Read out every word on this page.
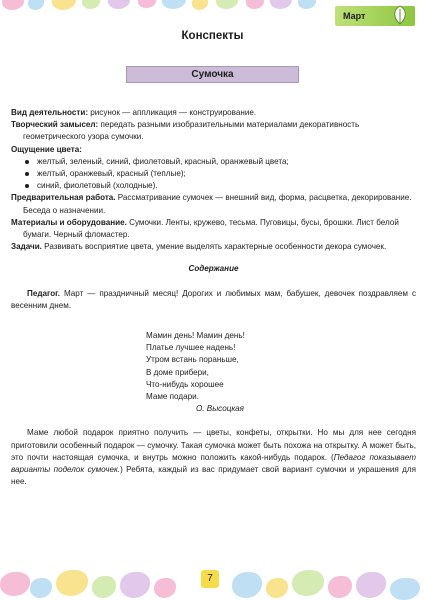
Март
Конспекты
Сумочка

Вид деятельности: рисунок — аппликация — конструирование.

Творческий замысел: передать разными изобразительными материалами декоративность геометрического узора сумочки.

Ощущение цвета:

желтый, зеленый, синий, фиолетовый, красный, оранжевый цвета;
желтый, оранжевый, красный (теплые);
синий, фиолетовый (холодные).

Предварительная работа. Рассматривание сумочек — внешний вид, форма, расцветка, декорирование. Беседа о назначении.

Материалы и оборудование. Сумочки. Ленты, кружево, тесьма. Пуговицы, бусы, брошки. Лист белой бумаги. Черный фломастер.

Задачи. Развивать восприятие цвета, умение выделять характерные особенности декора сумочек.

Содержание

Педагог. Март — праздничный месяц! Дорогих и любимых мам, бабушек, девочек поздравляем с весенним днем.

Мамин день! Мамин день!

Платье лучшее надень!

Утром встань пораньше,

В доме прибери,

Что-нибудь хорошее

Маме подари.

О. Высоцкая

Маме любой подарок приятно получить — цветы, конфеты, открытки. Но мы для нее сегодня приготовили особенный подарок — сумочку. Такая сумочка может быть похожа на открытку. А может быть, это почти настоящая сумочка, и внутрь можно положить какой-нибудь подарок. (Педагог показывает варианты поделок сумочек.) Ребята, каждый из вас придумает свой вариант сумочки и украшения для нее.

7
